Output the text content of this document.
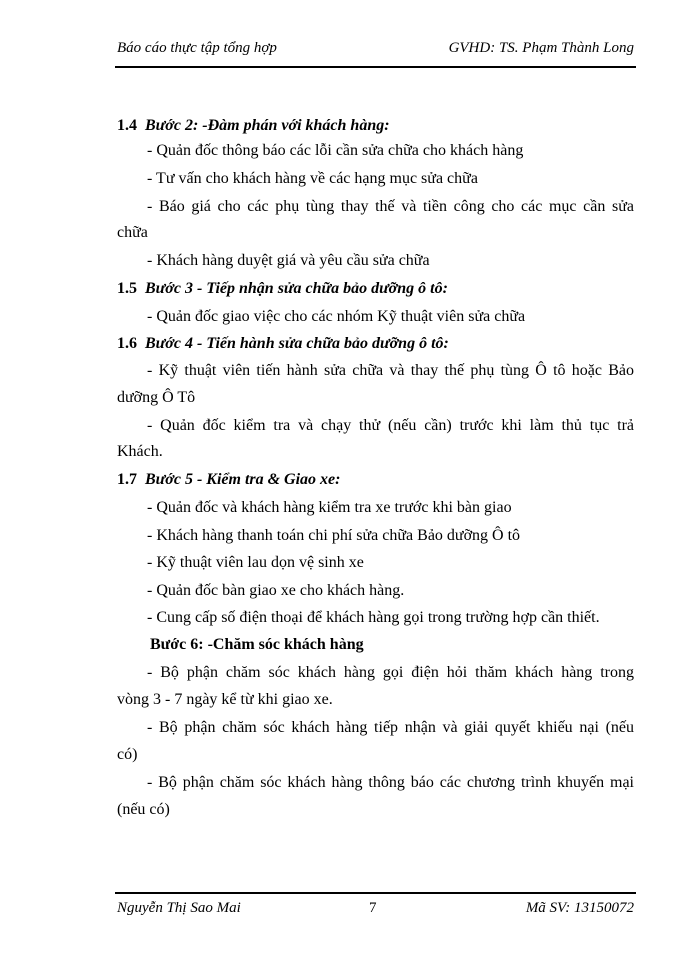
Báo cáo thực tập tổng hợp	GVHD: TS. Phạm Thành Long
1.4 Bước 2: -Đàm phán với khách hàng:
- Quản đốc thông báo các lỗi cần sửa chữa cho khách hàng
- Tư vấn cho khách hàng về các hạng mục sửa chữa
- Báo giá cho các phụ tùng thay thế và tiền công cho các mục cần sửa
chữa
- Khách hàng duyệt giá và yêu cầu sửa chữa
1.5 Bước 3 - Tiếp nhận sửa chữa bảo dưỡng ô tô:
- Quản đốc giao việc cho các nhóm Kỹ thuật viên sửa chữa
1.6 Bước 4 - Tiến hành sửa chữa bảo dưỡng ô tô:
- Kỹ thuật viên tiến hành sửa chữa và thay thế phụ tùng Ô tô hoặc Bảo
dưỡng Ô Tô
- Quản đốc kiểm tra và chạy thử (nếu cần) trước khi làm thủ tục trả
Khách.
1.7 Bước 5 - Kiểm tra & Giao xe:
- Quản đốc và khách hàng kiểm tra xe trước khi bàn giao
- Khách hàng thanh toán chi phí sửa chữa Bảo dưỡng Ô tô
- Kỹ thuật viên lau dọn vệ sinh xe
- Quản đốc bàn giao xe cho khách hàng.
- Cung cấp số điện thoại để khách hàng gọi trong trường hợp cần thiết.
Bước 6: -Chăm sóc khách hàng
- Bộ phận chăm sóc khách hàng gọi điện hỏi thăm khách hàng trong
vòng 3 - 7 ngày kể từ khi giao xe.
- Bộ phận chăm sóc khách hàng tiếp nhận và giải quyết khiếu nại (nếu
có)
- Bộ phận chăm sóc khách hàng thông báo các chương trình khuyến mại
(nếu có)
Nguyễn Thị Sao Mai	7	Mã SV: 13150072
